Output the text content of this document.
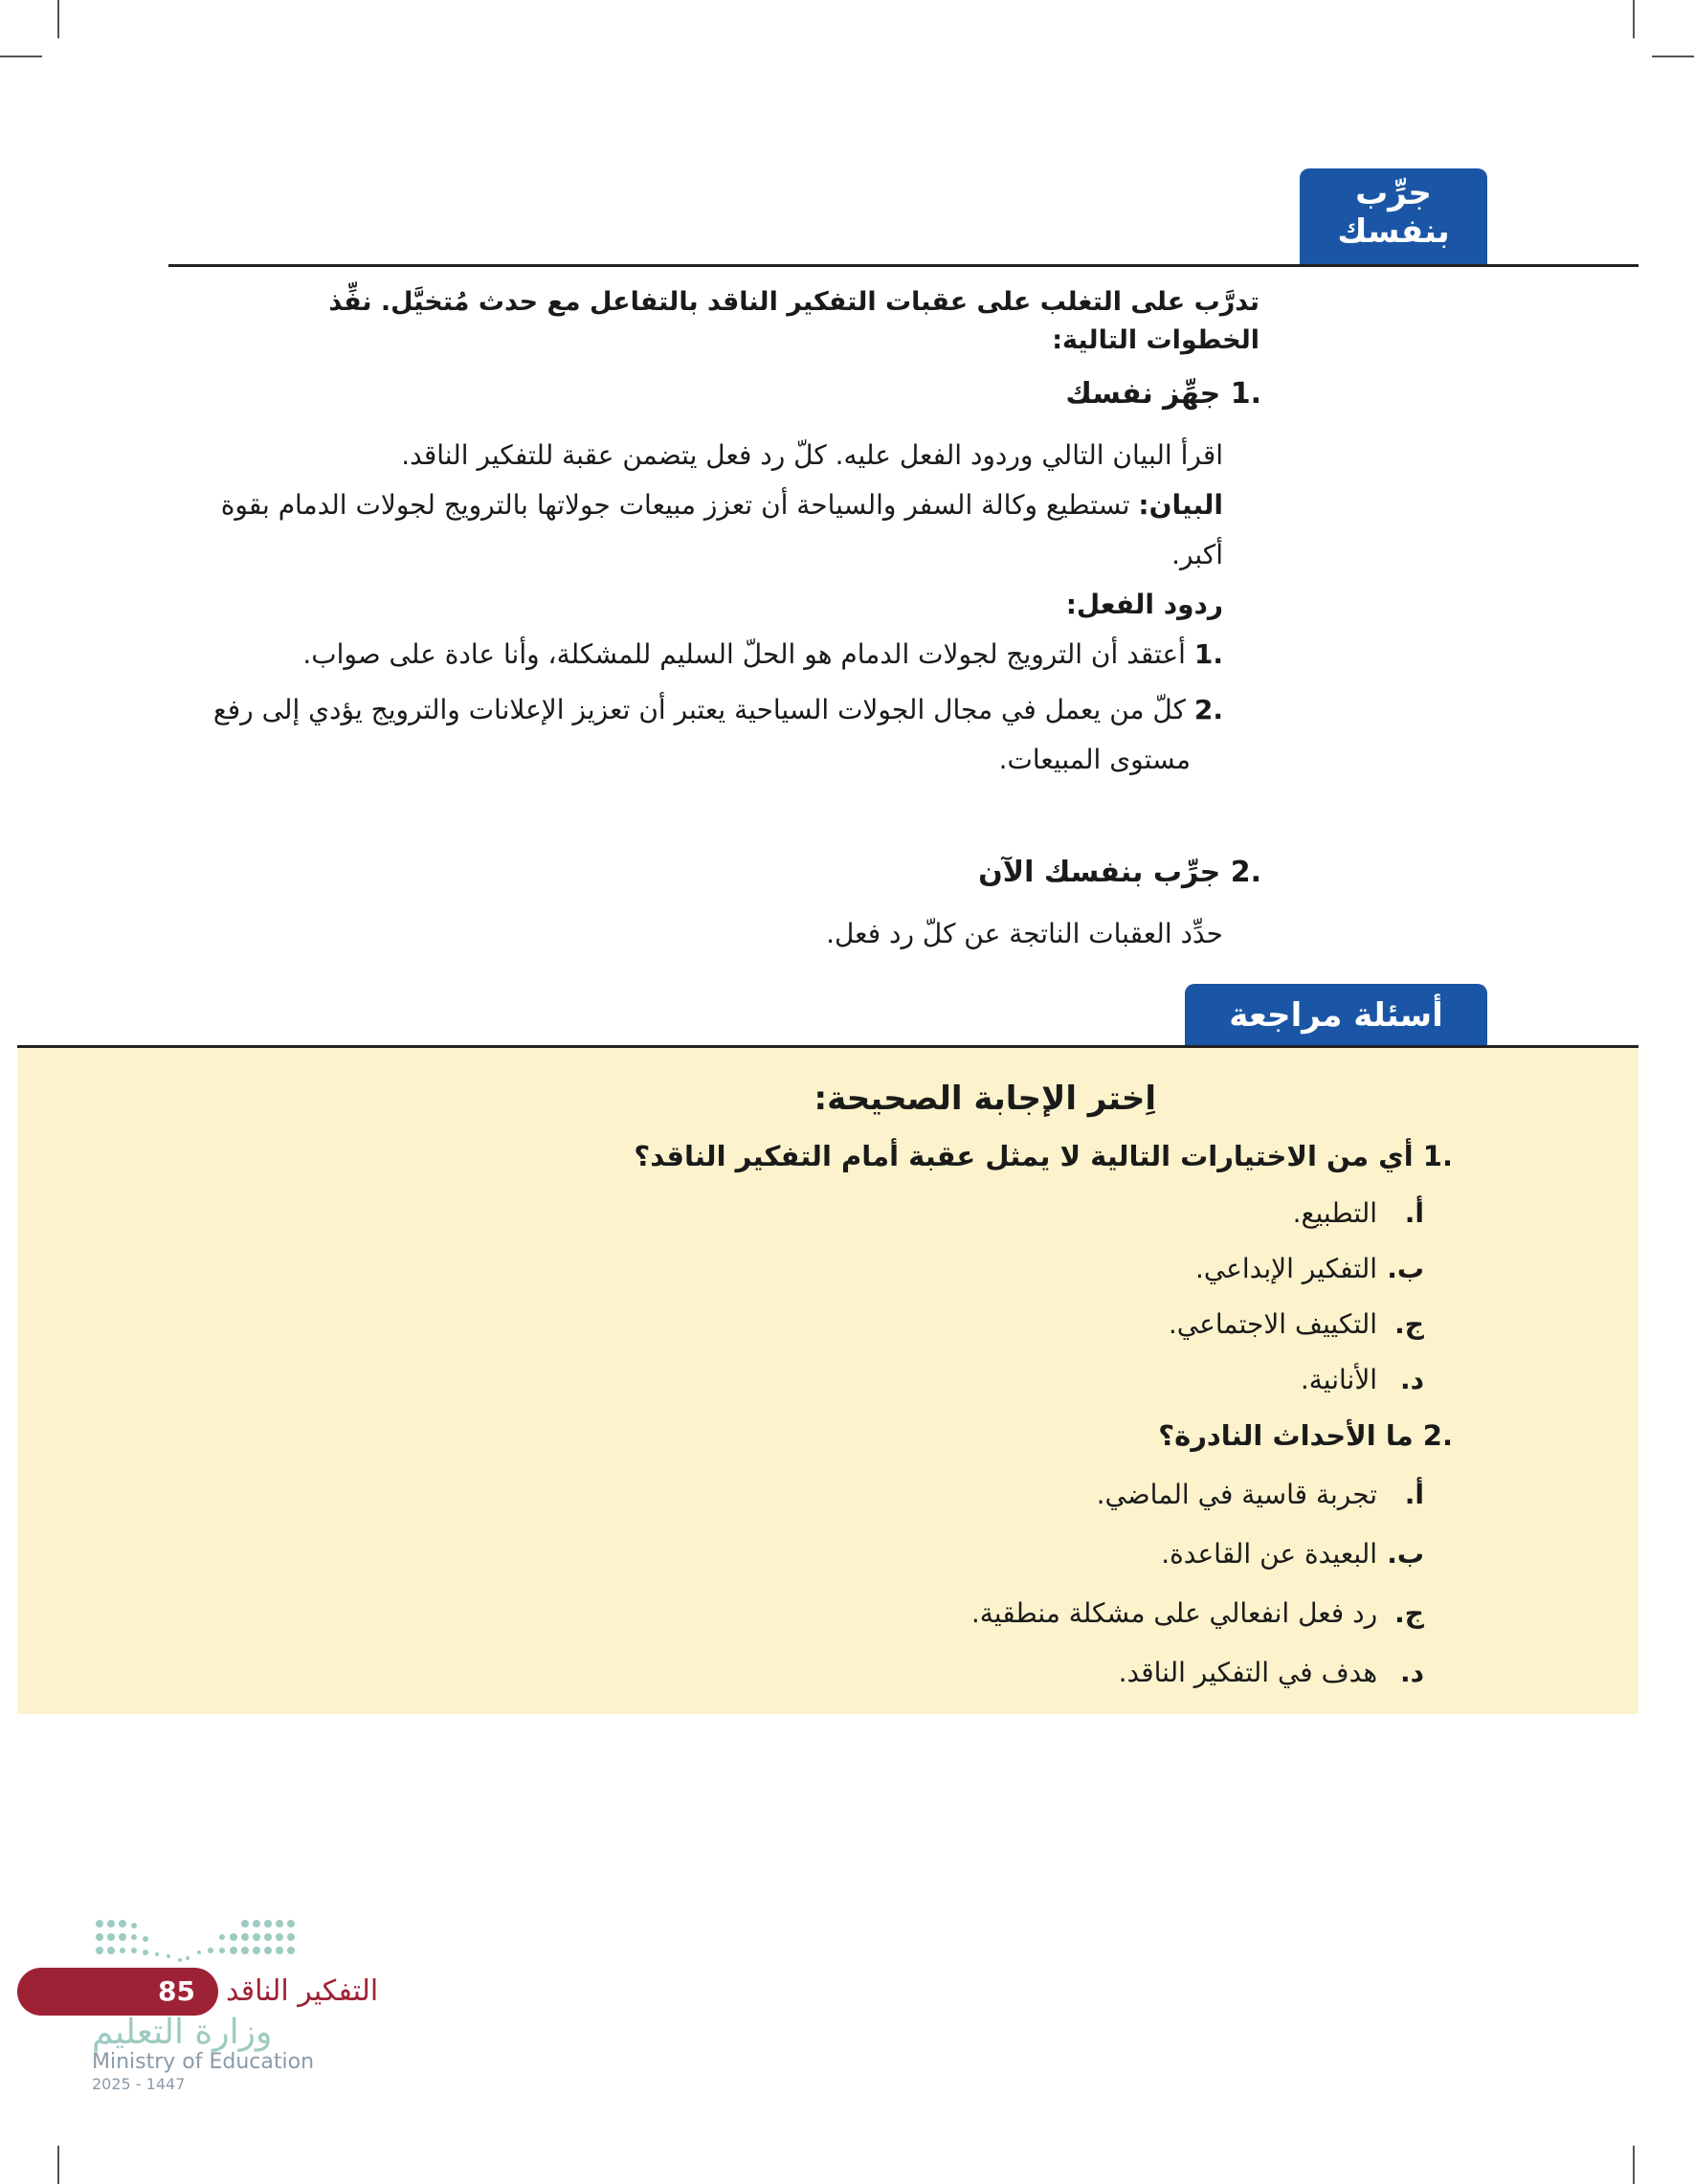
جرِّب
بنفسك
تدرَّب على التغلب على عقبات التفكير الناقد بالتفاعل مع حدث مُتخيَّل. نفِّذ الخطوات التالية:
.1 جهِّز نفسك
اقرأ البيان التالي وردود الفعل عليه. كلّ رد فعل يتضمن عقبة للتفكير الناقد.
البيان: تستطيع وكالة السفر والسياحة أن تعزز مبيعات جولاتها بالترويج لجولات الدمام بقوة
أكبر.
ردود الفعل:
.1 أعتقد أن الترويج لجولات الدمام هو الحلّ السليم للمشكلة، وأنا عادة على صواب.
.2 كلّ من يعمل في مجال الجولات السياحية يعتبر أن تعزيز الإعلانات والترويج يؤدي إلى رفع
مستوى المبيعات.
.2 جرِّب بنفسك الآن
حدِّد العقبات الناتجة عن كلّ رد فعل.
أسئلة مراجعة
اِختر الإجابة الصحيحة:
.1 أي من الاختيارات التالية لا يمثل عقبة أمام التفكير الناقد؟
أ. التطبيع.
ب. التفكير الإبداعي.
ج. التكييف الاجتماعي.
د. الأنانية.
.2 ما الأحداث النادرة؟
أ. تجربة قاسية في الماضي.
ب. البعيدة عن القاعدة.
ج. رد فعل انفعالي على مشكلة منطقية.
د. هدف في التفكير الناقد.
85	التفكير الناقد
وزارة التعليم
Ministry of Education
2025 - 1447
